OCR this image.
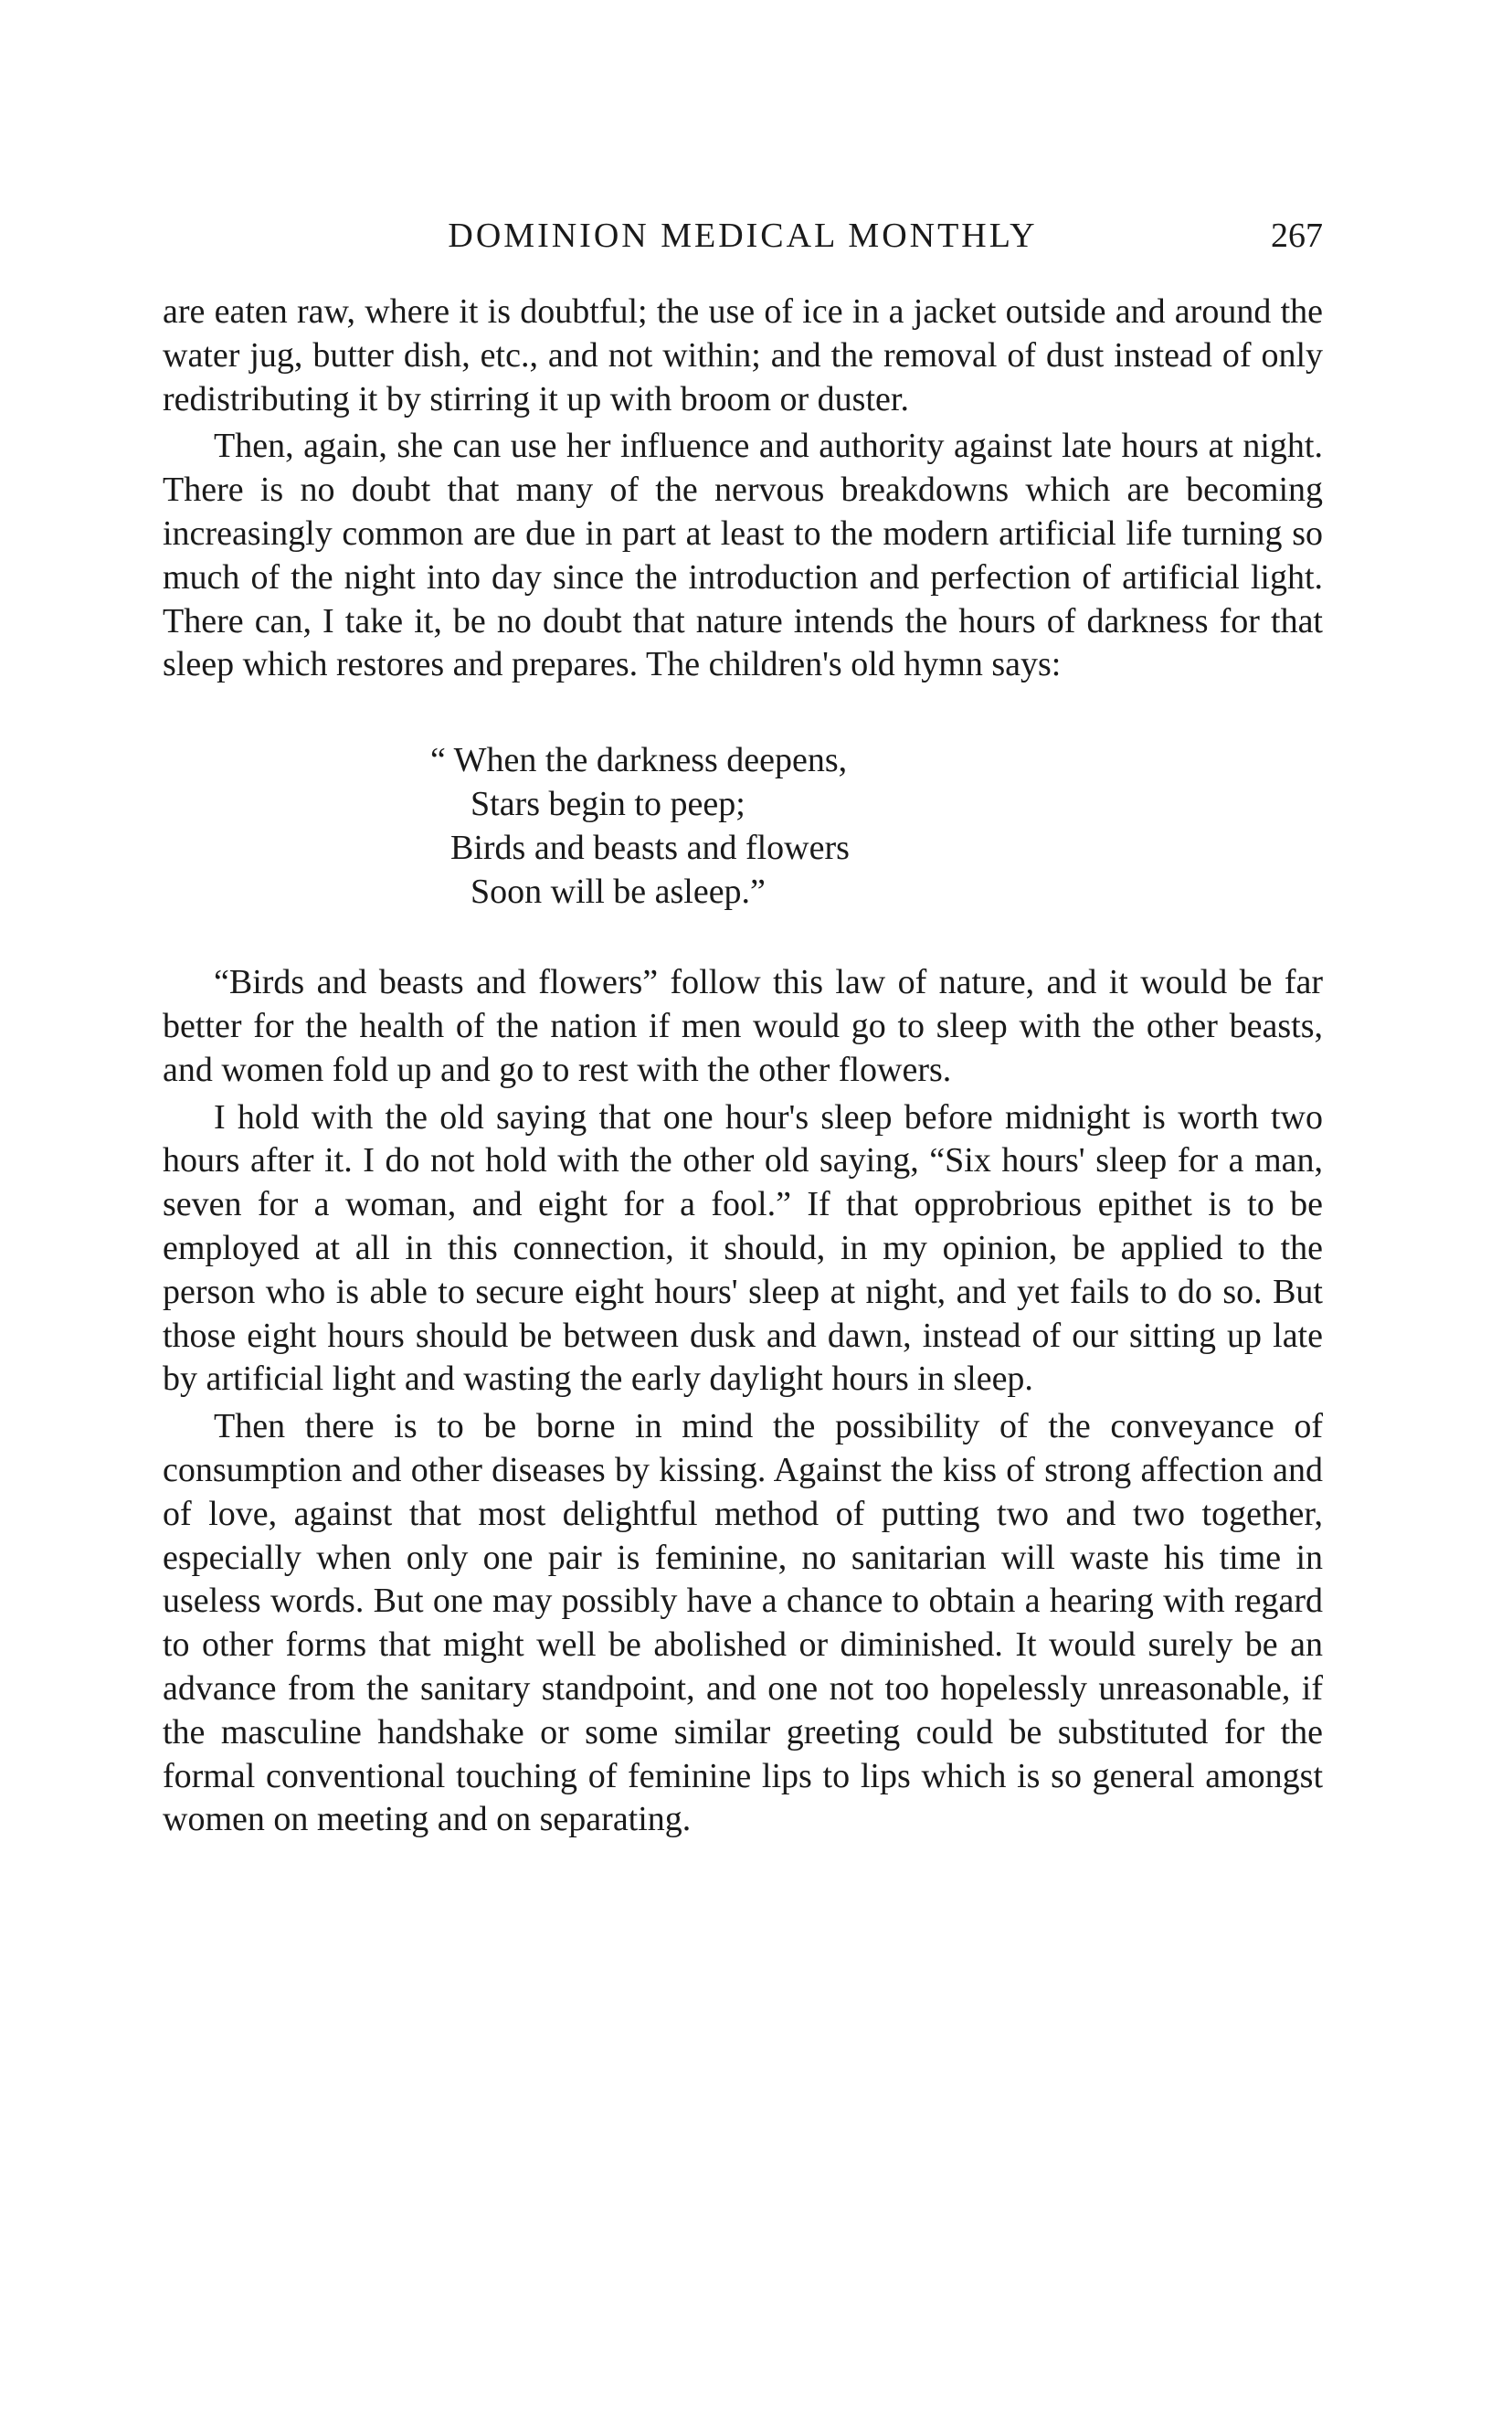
DOMINION MEDICAL MONTHLY	267

are eaten raw, where it is doubtful; the use of ice in a jacket outside and around the water jug, butter dish, etc., and not within; and the removal of dust instead of only redistributing it by stirring it up with broom or duster.

Then, again, she can use her influence and authority against late hours at night. There is no doubt that many of the nervous breakdowns which are becoming increasingly common are due in part at least to the modern artificial life turning so much of the night into day since the introduction and perfection of artificial light. There can, I take it, be no doubt that nature intends the hours of darkness for that sleep which restores and prepares. The children's old hymn says:

“ When the darkness deepens,
Stars begin to peep;
Birds and beasts and flowers
Soon will be asleep.”

“Birds and beasts and flowers” follow this law of nature, and it would be far better for the health of the nation if men would go to sleep with the other beasts, and women fold up and go to rest with the other flowers.

I hold with the old saying that one hour's sleep before midnight is worth two hours after it. I do not hold with the other old saying, “Six hours' sleep for a man, seven for a woman, and eight for a fool.” If that opprobrious epithet is to be employed at all in this connection, it should, in my opinion, be applied to the person who is able to secure eight hours' sleep at night, and yet fails to do so. But those eight hours should be between dusk and dawn, instead of our sitting up late by artificial light and wasting the early daylight hours in sleep.

Then there is to be borne in mind the possibility of the conveyance of consumption and other diseases by kissing. Against the kiss of strong affection and of love, against that most delightful method of putting two and two together, especially when only one pair is feminine, no sanitarian will waste his time in useless words. But one may possibly have a chance to obtain a hearing with regard to other forms that might well be abolished or diminished. It would surely be an advance from the sanitary standpoint, and one not too hopelessly unreasonable, if the masculine handshake or some similar greeting could be substituted for the formal conventional touching of feminine lips to lips which is so general amongst women on meeting and on separating.
